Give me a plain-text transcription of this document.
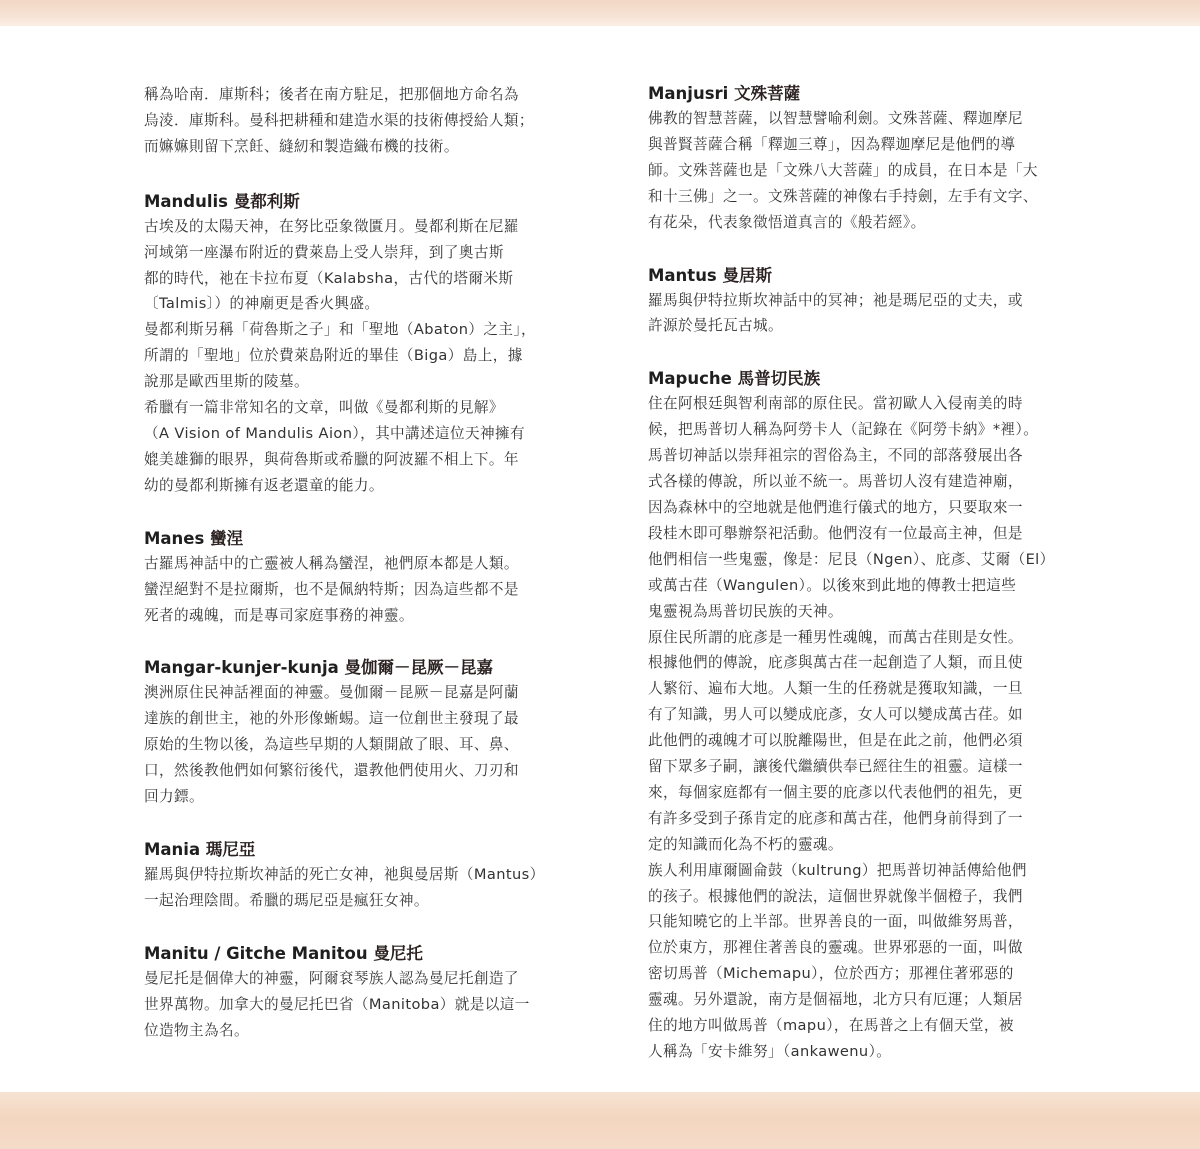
稱為哈南．庫斯科；後者在南方駐足，把那個地方命名為

烏淩．庫斯科。曼科把耕種和建造水渠的技術傳授給人類；

而嫲嫲則留下烹飪、縫紉和製造織布機的技術。

Mandulis 曼都利斯

古埃及的太陽天神，在努比亞象徵匱月。曼都利斯在尼羅

河域第一座瀑布附近的費萊島上受人崇拜，到了奧古斯

都的時代，祂在卡拉布夏（Kalabsha，古代的塔爾米斯

〔Talmis〕）的神廟更是香火興盛。

曼都利斯另稱「荷魯斯之子」和「聖地（Abaton）之主」，

所謂的「聖地」位於費萊島附近的畢佳（Biga）島上，據

說那是歐西里斯的陵墓。

希臘有一篇非常知名的文章，叫做《曼都利斯的見解》

（A Vision of Mandulis Aion），其中講述這位天神擁有

媲美雄獅的眼界，與荷魯斯或希臘的阿波羅不相上下。年

幼的曼都利斯擁有返老還童的能力。

Manes 蠻涅

古羅馬神話中的亡靈被人稱為蠻涅，祂們原本都是人類。

蠻涅絕對不是拉爾斯，也不是佩納特斯；因為這些都不是

死者的魂魄，而是專司家庭事務的神靈。

Mangar-kunjer-kunja 曼伽爾－昆厥－昆嘉

澳洲原住民神話裡面的神靈。曼伽爾－昆厥－昆嘉是阿蘭

達族的創世主，祂的外形像蜥蜴。這一位創世主發現了最

原始的生物以後，為這些早期的人類開啟了眼、耳、鼻、

口，然後教他們如何繁衍後代，還教他們使用火、刀刃和

回力鏢。

Mania 瑪尼亞

羅馬與伊特拉斯坎神話的死亡女神，祂與曼居斯（Mantus）

一起治理陰間。希臘的瑪尼亞是瘋狂女神。

Manitu / Gitche Manitou 曼尼托

曼尼托是個偉大的神靈，阿爾袞琴族人認為曼尼托創造了

世界萬物。加拿大的曼尼托巴省（Manitoba）就是以這一

位造物主為名。

Manjusri 文殊菩薩

佛教的智慧菩薩，以智慧譬喻利劍。文殊菩薩、釋迦摩尼

與普賢菩薩合稱「釋迦三尊」，因為釋迦摩尼是他們的導

師。文殊菩薩也是「文殊八大菩薩」的成員，在日本是「大

和十三佛」之一。文殊菩薩的神像右手持劍，左手有文字、

有花朵，代表象徵悟道真言的《般若經》。

Mantus 曼居斯

羅馬與伊特拉斯坎神話中的冥神；祂是瑪尼亞的丈夫，或

許源於曼托瓦古城。

Mapuche 馬普切民族

住在阿根廷與智利南部的原住民。當初歐人入侵南美的時

候，把馬普切人稱為阿勞卡人（記錄在《阿勞卡納》*裡）。

馬普切神話以崇拜祖宗的習俗為主，不同的部落發展出各

式各樣的傳說，所以並不統一。馬普切人沒有建造神廟，

因為森林中的空地就是他們進行儀式的地方，只要取來一

段桂木即可舉辦祭祀活動。他們沒有一位最高主神，但是

他們相信一些鬼靈，像是：尼艮（Ngen）、庇彥、艾爾（El）

或萬古荏（Wangulen）。以後來到此地的傳教士把這些

鬼靈視為馬普切民族的天神。

原住民所謂的庇彥是一種男性魂魄，而萬古荏則是女性。

根據他們的傳說，庇彥與萬古荏一起創造了人類，而且使

人繁衍、遍布大地。人類一生的任務就是獲取知識，一旦

有了知識，男人可以變成庇彥，女人可以變成萬古荏。如

此他們的魂魄才可以脫離陽世，但是在此之前，他們必須

留下眾多子嗣，讓後代繼續供奉已經往生的祖靈。這樣一

來，每個家庭都有一個主要的庇彥以代表他們的祖先，更

有許多受到子孫肯定的庇彥和萬古荏，他們身前得到了一

定的知識而化為不朽的靈魂。

族人利用庫爾圖侖鼓（kultrung）把馬普切神話傳給他們

的孩子。根據他們的說法，這個世界就像半個橙子，我們

只能知曉它的上半部。世界善良的一面，叫做維努馬普，

位於東方，那裡住著善良的靈魂。世界邪惡的一面，叫做

密切馬普（Michemapu），位於西方；那裡住著邪惡的

靈魂。另外還說，南方是個福地，北方只有厄運；人類居

住的地方叫做馬普（mapu），在馬普之上有個天堂，被

人稱為「安卡維努」（ankawenu）。
